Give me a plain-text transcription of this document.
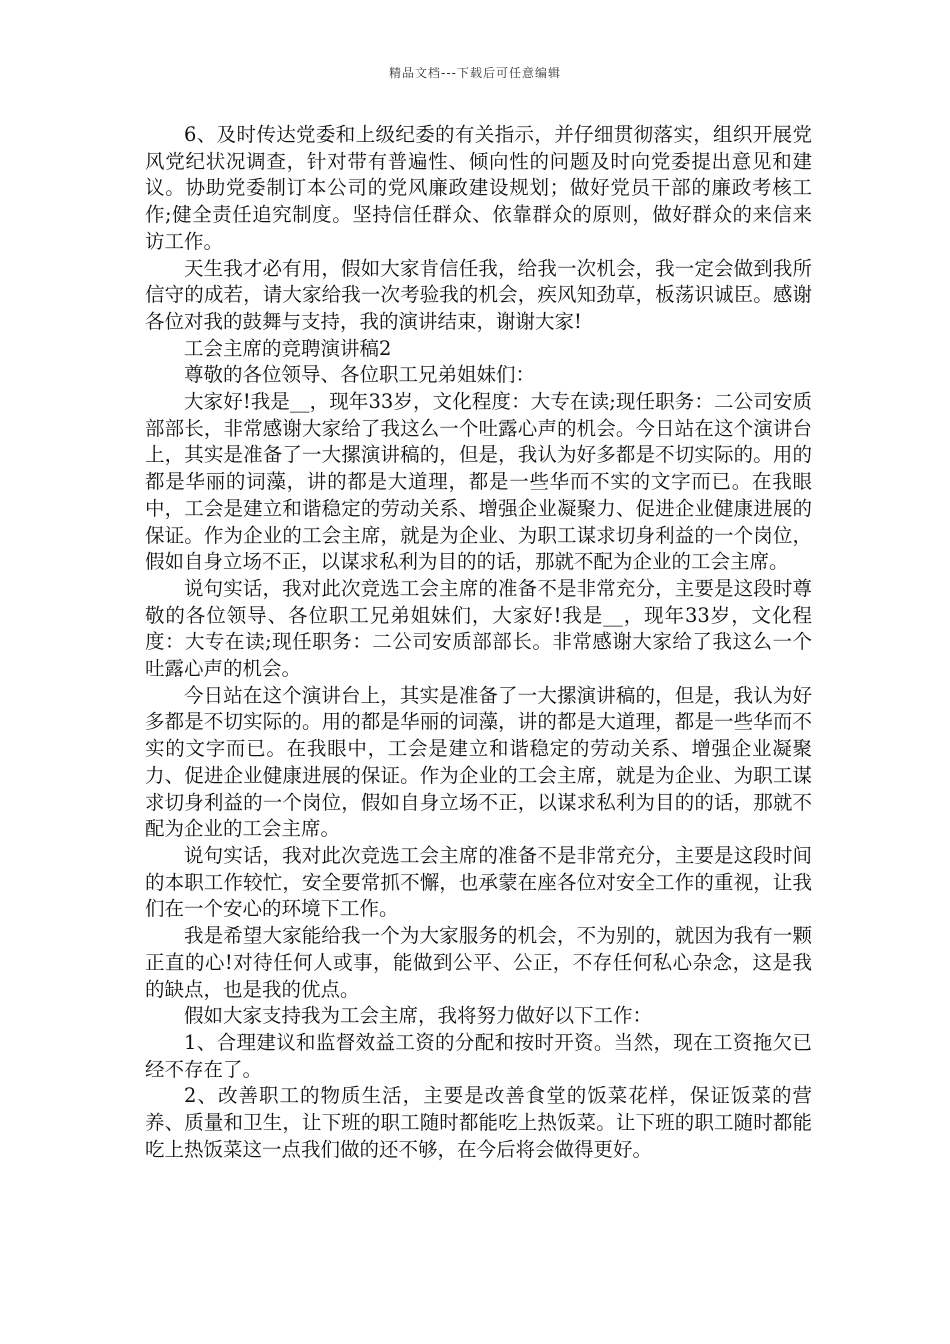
精品文档---下载后可任意编辑

6、及时传达党委和上级纪委的有关指示，并仔细贯彻落实，组织开展党风党纪状况调查，针对带有普遍性、倾向性的问题及时向党委提出意见和建议。协助党委制订本公司的党风廉政建设规划；做好党员干部的廉政考核工作;健全责任追究制度。坚持信任群众、依靠群众的原则，做好群众的来信来访工作。

天生我才必有用，假如大家肯信任我，给我一次机会，我一定会做到我所信守的成若，请大家给我一次考验我的机会，疾风知劲草，板荡识诚臣。感谢各位对我的鼓舞与支持，我的演讲结束，谢谢大家!

工会主席的竞聘演讲稿2

尊敬的各位领导、各位职工兄弟姐妹们：

大家好!我是__，现年33岁，文化程度：大专在读;现任职务：二公司安质部部长，非常感谢大家给了我这么一个吐露心声的机会。今日站在这个演讲台上，其实是准备了一大摞演讲稿的，但是，我认为好多都是不切实际的。用的都是华丽的词藻，讲的都是大道理，都是一些华而不实的文字而已。在我眼中，工会是建立和谐稳定的劳动关系、增强企业凝聚力、促进企业健康进展的保证。作为企业的工会主席，就是为企业、为职工谋求切身利益的一个岗位，假如自身立场不正，以谋求私利为目的的话，那就不配为企业的工会主席。

说句实话，我对此次竞选工会主席的准备不是非常充分，主要是这段时尊敬的各位领导、各位职工兄弟姐妹们，大家好!我是__，现年33岁，文化程度：大专在读;现任职务：二公司安质部部长。非常感谢大家给了我这么一个吐露心声的机会。

今日站在这个演讲台上，其实是准备了一大摞演讲稿的，但是，我认为好多都是不切实际的。用的都是华丽的词藻，讲的都是大道理，都是一些华而不实的文字而已。在我眼中，工会是建立和谐稳定的劳动关系、增强企业凝聚力、促进企业健康进展的保证。作为企业的工会主席，就是为企业、为职工谋求切身利益的一个岗位，假如自身立场不正，以谋求私利为目的的话，那就不配为企业的工会主席。

说句实话，我对此次竞选工会主席的准备不是非常充分，主要是这段时间的本职工作较忙，安全要常抓不懈，也承蒙在座各位对安全工作的重视，让我们在一个安心的环境下工作。

我是希望大家能给我一个为大家服务的机会，不为别的，就因为我有一颗正直的心!对待任何人或事，能做到公平、公正，不存任何私心杂念，这是我的缺点，也是我的优点。

假如大家支持我为工会主席，我将努力做好以下工作：

1、合理建议和监督效益工资的分配和按时开资。当然，现在工资拖欠已经不存在了。

2、改善职工的物质生活，主要是改善食堂的饭菜花样，保证饭菜的营养、质量和卫生，让下班的职工随时都能吃上热饭菜。让下班的职工随时都能吃上热饭菜这一点我们做的还不够，在今后将会做得更好。
